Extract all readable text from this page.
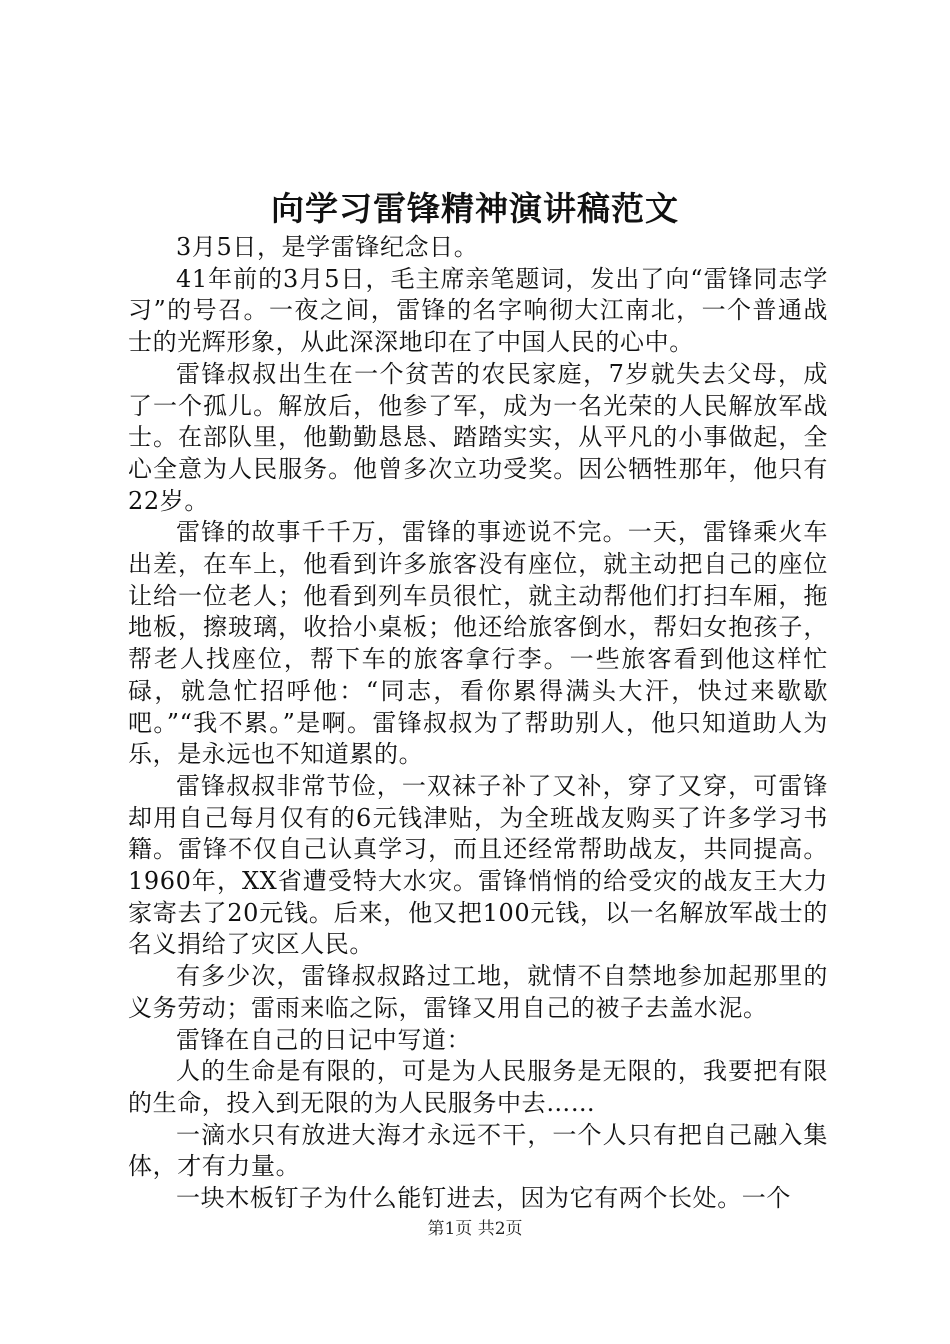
向学习雷锋精神演讲稿范文

3月5日，是学雷锋纪念日。

41年前的3月5日，毛主席亲笔题词，发出了向“雷锋同志学习”的号召。一夜之间，雷锋的名字响彻大江南北，一个普通战士的光辉形象，从此深深地印在了中国人民的心中。

雷锋叔叔出生在一个贫苦的农民家庭，7岁就失去父母，成了一个孤儿。解放后，他参了军，成为一名光荣的人民解放军战士。在部队里，他勤勤恳恳、踏踏实实，从平凡的小事做起，全心全意为人民服务。他曾多次立功受奖。因公牺牲那年，他只有22岁。

雷锋的故事千千万，雷锋的事迹说不完。一天，雷锋乘火车出差，在车上，他看到许多旅客没有座位，就主动把自己的座位让给一位老人；他看到列车员很忙，就主动帮他们打扫车厢，拖地板，擦玻璃，收拾小桌板；他还给旅客倒水，帮妇女抱孩子，帮老人找座位，帮下车的旅客拿行李。一些旅客看到他这样忙碌，就急忙招呼他：“同志，看你累得满头大汗，快过来歇歇吧。”“我不累。”是啊。雷锋叔叔为了帮助别人，他只知道助人为乐，是永远也不知道累的。

雷锋叔叔非常节俭，一双袜子补了又补，穿了又穿，可雷锋却用自己每月仅有的6元钱津贴，为全班战友购买了许多学习书籍。雷锋不仅自己认真学习，而且还经常帮助战友，共同提高。1960年，XX省遭受特大水灾。雷锋悄悄的给受灾的战友王大力家寄去了20元钱。后来，他又把100元钱，以一名解放军战士的名义捐给了灾区人民。

有多少次，雷锋叔叔路过工地，就情不自禁地参加起那里的义务劳动；雷雨来临之际，雷锋又用自己的被子去盖水泥。

雷锋在自己的日记中写道：

人的生命是有限的，可是为人民服务是无限的，我要把有限的生命，投入到无限的为人民服务中去……

一滴水只有放进大海才永远不干，一个人只有把自己融入集体，才有力量。

一块木板钉子为什么能钉进去，因为它有两个长处。一个

第1页 共2页
